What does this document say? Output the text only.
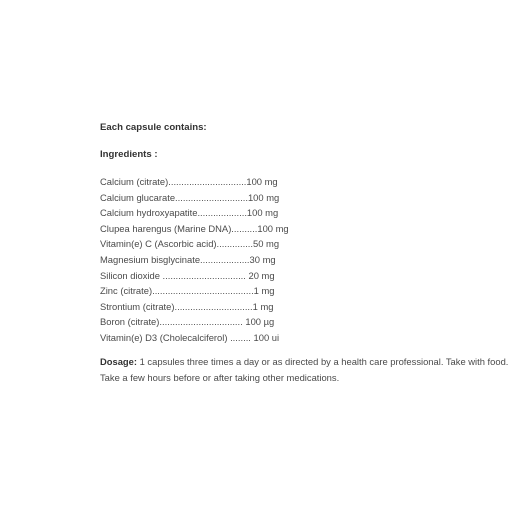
Each capsule contains:

Ingredients :

Calcium (citrate)..............................100 mg
Calcium glucarate............................100 mg
Calcium hydroxyapatite...................100 mg
Clupea harengus (Marine DNA)..........100 mg
Vitamin(e) C (Ascorbic acid)..............50 mg
Magnesium bisglycinate...................30 mg
Silicon dioxide ................................ 20 mg
Zinc (citrate).......................................1 mg
Strontium (citrate)..............................1 mg
Boron (citrate)................................ 100 µg
Vitamin(e) D3 (Cholecalciferol) ........ 100 ui
Dosage: 1 capsules three times a day or as directed by a health care professional. Take with food. Take a few hours before or after taking other medications.
